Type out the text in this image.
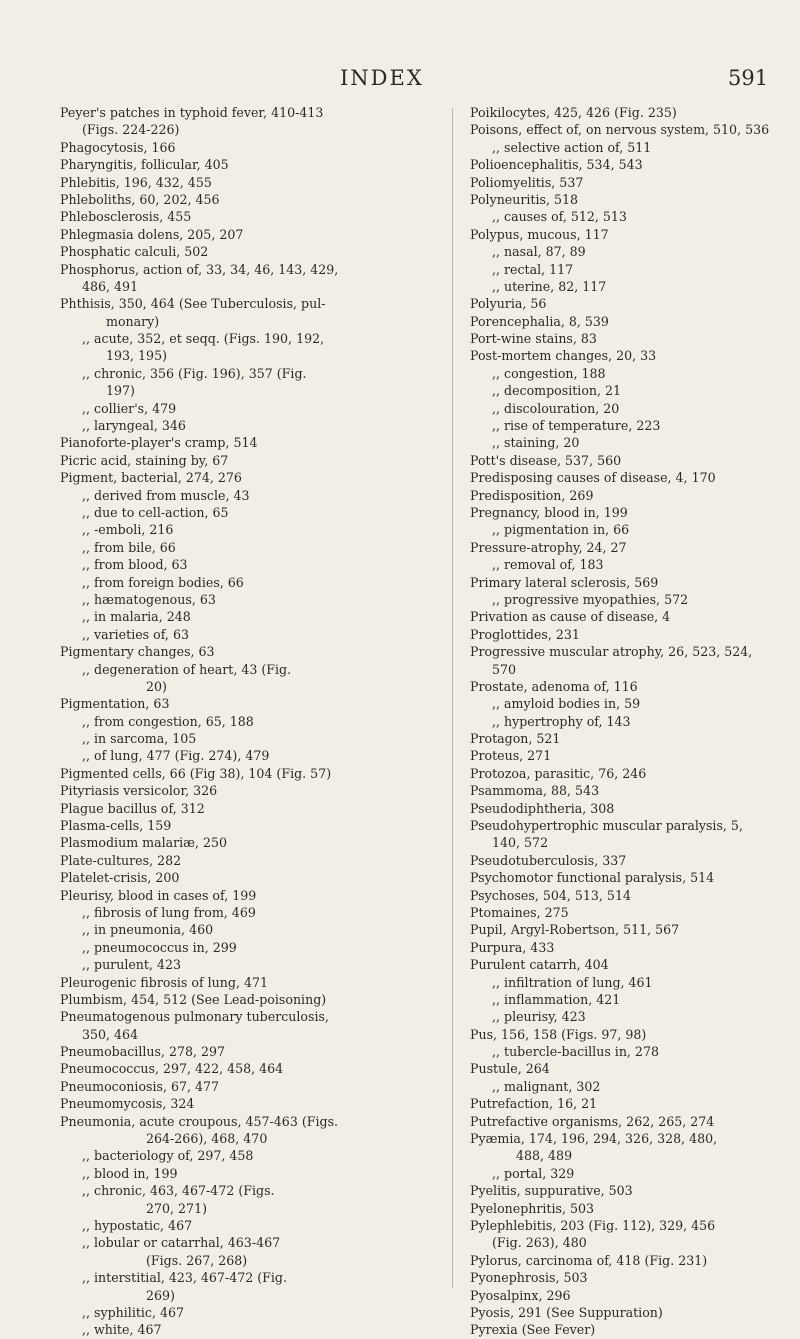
INDEX	591
Peyer's patches in typhoid fever, 410-413
(Figs. 224-226)
Phagocytosis, 166
Pharyngitis, follicular, 405
Phlebitis, 196, 432, 455
Phleboliths, 60, 202, 456
Phlebosclerosis, 455
Phlegmasia dolens, 205, 207
Phosphatic calculi, 502
Phosphorus, action of, 33, 34, 46, 143, 429,
486, 491
Phthisis, 350, 464 (See Tuberculosis, pul-
monary)
,, acute, 352, et seqq. (Figs. 190, 192,
193, 195)
,, chronic, 356 (Fig. 196), 357 (Fig.
197)
,, collier's, 479
,, laryngeal, 346
Pianoforte-player's cramp, 514
Picric acid, staining by, 67
Pigment, bacterial, 274, 276
,, derived from muscle, 43
,, due to cell-action, 65
,, -emboli, 216
,, from bile, 66
,, from blood, 63
,, from foreign bodies, 66
,, hæmatogenous, 63
,, in malaria, 248
,, varieties of, 63
Pigmentary changes, 63
,, degeneration of heart, 43 (Fig.
20)
Pigmentation, 63
,, from congestion, 65, 188
,, in sarcoma, 105
,, of lung, 477 (Fig. 274), 479
Pigmented cells, 66 (Fig 38), 104 (Fig. 57)
Pityriasis versicolor, 326
Plague bacillus of, 312
Plasma-cells, 159
Plasmodium malariæ, 250
Plate-cultures, 282
Platelet-crisis, 200
Pleurisy, blood in cases of, 199
,, fibrosis of lung from, 469
,, in pneumonia, 460
,, pneumococcus in, 299
,, purulent, 423
Pleurogenic fibrosis of lung, 471
Plumbism, 454, 512 (See Lead-poisoning)
Pneumatogenous pulmonary tuberculosis,
350, 464
Pneumobacillus, 278, 297
Pneumococcus, 297, 422, 458, 464
Pneumoconiosis, 67, 477
Pneumomycosis, 324
Pneumonia, acute croupous, 457-463 (Figs.
264-266), 468, 470
,, bacteriology of, 297, 458
,, blood in, 199
,, chronic, 463, 467-472 (Figs.
270, 271)
,, hypostatic, 467
,, lobular or catarrhal, 463-467
(Figs. 267, 268)
,, interstitial, 423, 467-472 (Fig.
269)
,, syphilitic, 467
,, white, 467
Poikilocytes, 425, 426 (Fig. 235)
Poisons, effect of, on nervous system, 510, 536
,, selective action of, 511
Polioencephalitis, 534, 543
Poliomyelitis, 537
Polyneuritis, 518
,, causes of, 512, 513
Polypus, mucous, 117
,, nasal, 87, 89
,, rectal, 117
,, uterine, 82, 117
Polyuria, 56
Porencephalia, 8, 539
Port-wine stains, 83
Post-mortem changes, 20, 33
,, congestion, 188
,, decomposition, 21
,, discolouration, 20
,, rise of temperature, 223
,, staining, 20
Pott's disease, 537, 560
Predisposing causes of disease, 4, 170
Predisposition, 269
Pregnancy, blood in, 199
,, pigmentation in, 66
Pressure-atrophy, 24, 27
,, removal of, 183
Primary lateral sclerosis, 569
,, progressive myopathies, 572
Privation as cause of disease, 4
Proglottides, 231
Progressive muscular atrophy, 26, 523, 524,
570
Prostate, adenoma of, 116
,, amyloid bodies in, 59
,, hypertrophy of, 143
Protagon, 521
Proteus, 271
Protozoa, parasitic, 76, 246
Psammoma, 88, 543
Pseudodiphtheria, 308
Pseudohypertrophic muscular paralysis, 5,
140, 572
Pseudotuberculosis, 337
Psychomotor functional paralysis, 514
Psychoses, 504, 513, 514
Ptomaines, 275
Pupil, Argyl-Robertson, 511, 567
Purpura, 433
Purulent catarrh, 404
,, infiltration of lung, 461
,, inflammation, 421
,, pleurisy, 423
Pus, 156, 158 (Figs. 97, 98)
,, tubercle-bacillus in, 278
Pustule, 264
,, malignant, 302
Putrefaction, 16, 21
Putrefactive organisms, 262, 265, 274
Pyæmia, 174, 196, 294, 326, 328, 480,
488, 489
,, portal, 329
Pyelitis, suppurative, 503
Pyelonephritis, 503
Pylephlebitis, 203 (Fig. 112), 329, 456
(Fig. 263), 480
Pylorus, carcinoma of, 418 (Fig. 231)
Pyonephrosis, 503
Pyosalpinx, 296
Pyosis, 291 (See Suppuration)
Pyrexia (See Fever)
